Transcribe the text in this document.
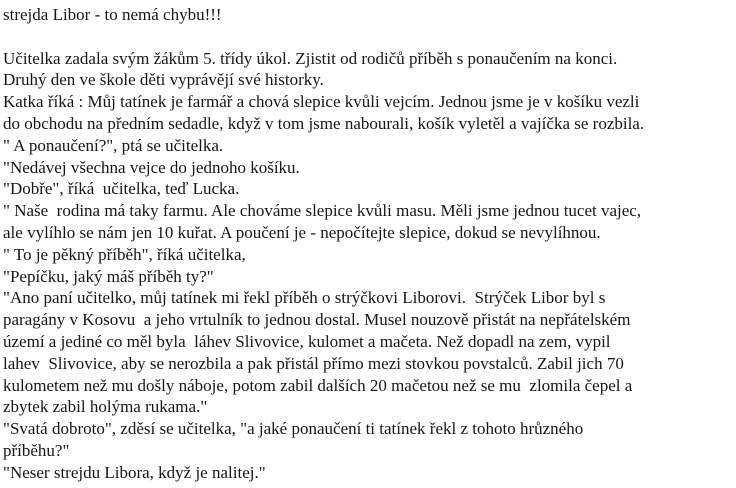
strejda Libor - to nemá chybu!!!
Učitelka zadala svým žákům 5. třídy úkol. Zjistit od rodičů příběh s ponaučením na konci.
Druhý den ve škole děti vyprávějí své historky.
Katka říká : Můj tatínek je farmář a chová slepice kvůli vejcím. Jednou jsme je v košíku vezli
do obchodu na předním sedadle, když v tom jsme nabourali, košík vyletěl a vajíčka se rozbila.
" A ponaučení?", ptá se učitelka.
"Nedávej všechna vejce do jednoho košíku.
"Dobře", říká  učitelka, teď Lucka.
" Naše  rodina má taky farmu. Ale chováme slepice kvůli masu. Měli jsme jednou tucet vajec,
ale vylíhlo se nám jen 10 kuřat. A poučení je - nepočítejte slepice, dokud se nevylíhnou.
" To je pěkný příběh", říká učitelka,
"Pepíčku, jaký máš příběh ty?"
"Ano paní učitelko, můj tatínek mi řekl příběh o strýčkovi Liborovi.  Strýček Libor byl s
paragány v Kosovu  a jeho vrtulník to jednou dostal. Musel nouzově přistát na nepřátelském
území a jediné co měl byla  láhev Slivovice, kulomet a mačeta. Než dopadl na zem, vypil
lahev  Slivovice, aby se nerozbila a pak přistál přímo mezi stovkou povstalců. Zabil jich 70
kulometem než mu došly náboje, potom zabil dalších 20 mačetou než se mu  zlomila čepel a
zbytek zabil holýma rukama."
"Svatá dobroto", zděsí se učitelka, "a jaké ponaučení ti tatínek řekl z tohoto hrůzného
příběhu?"
"Neser strejdu Libora, když je nalitej."
